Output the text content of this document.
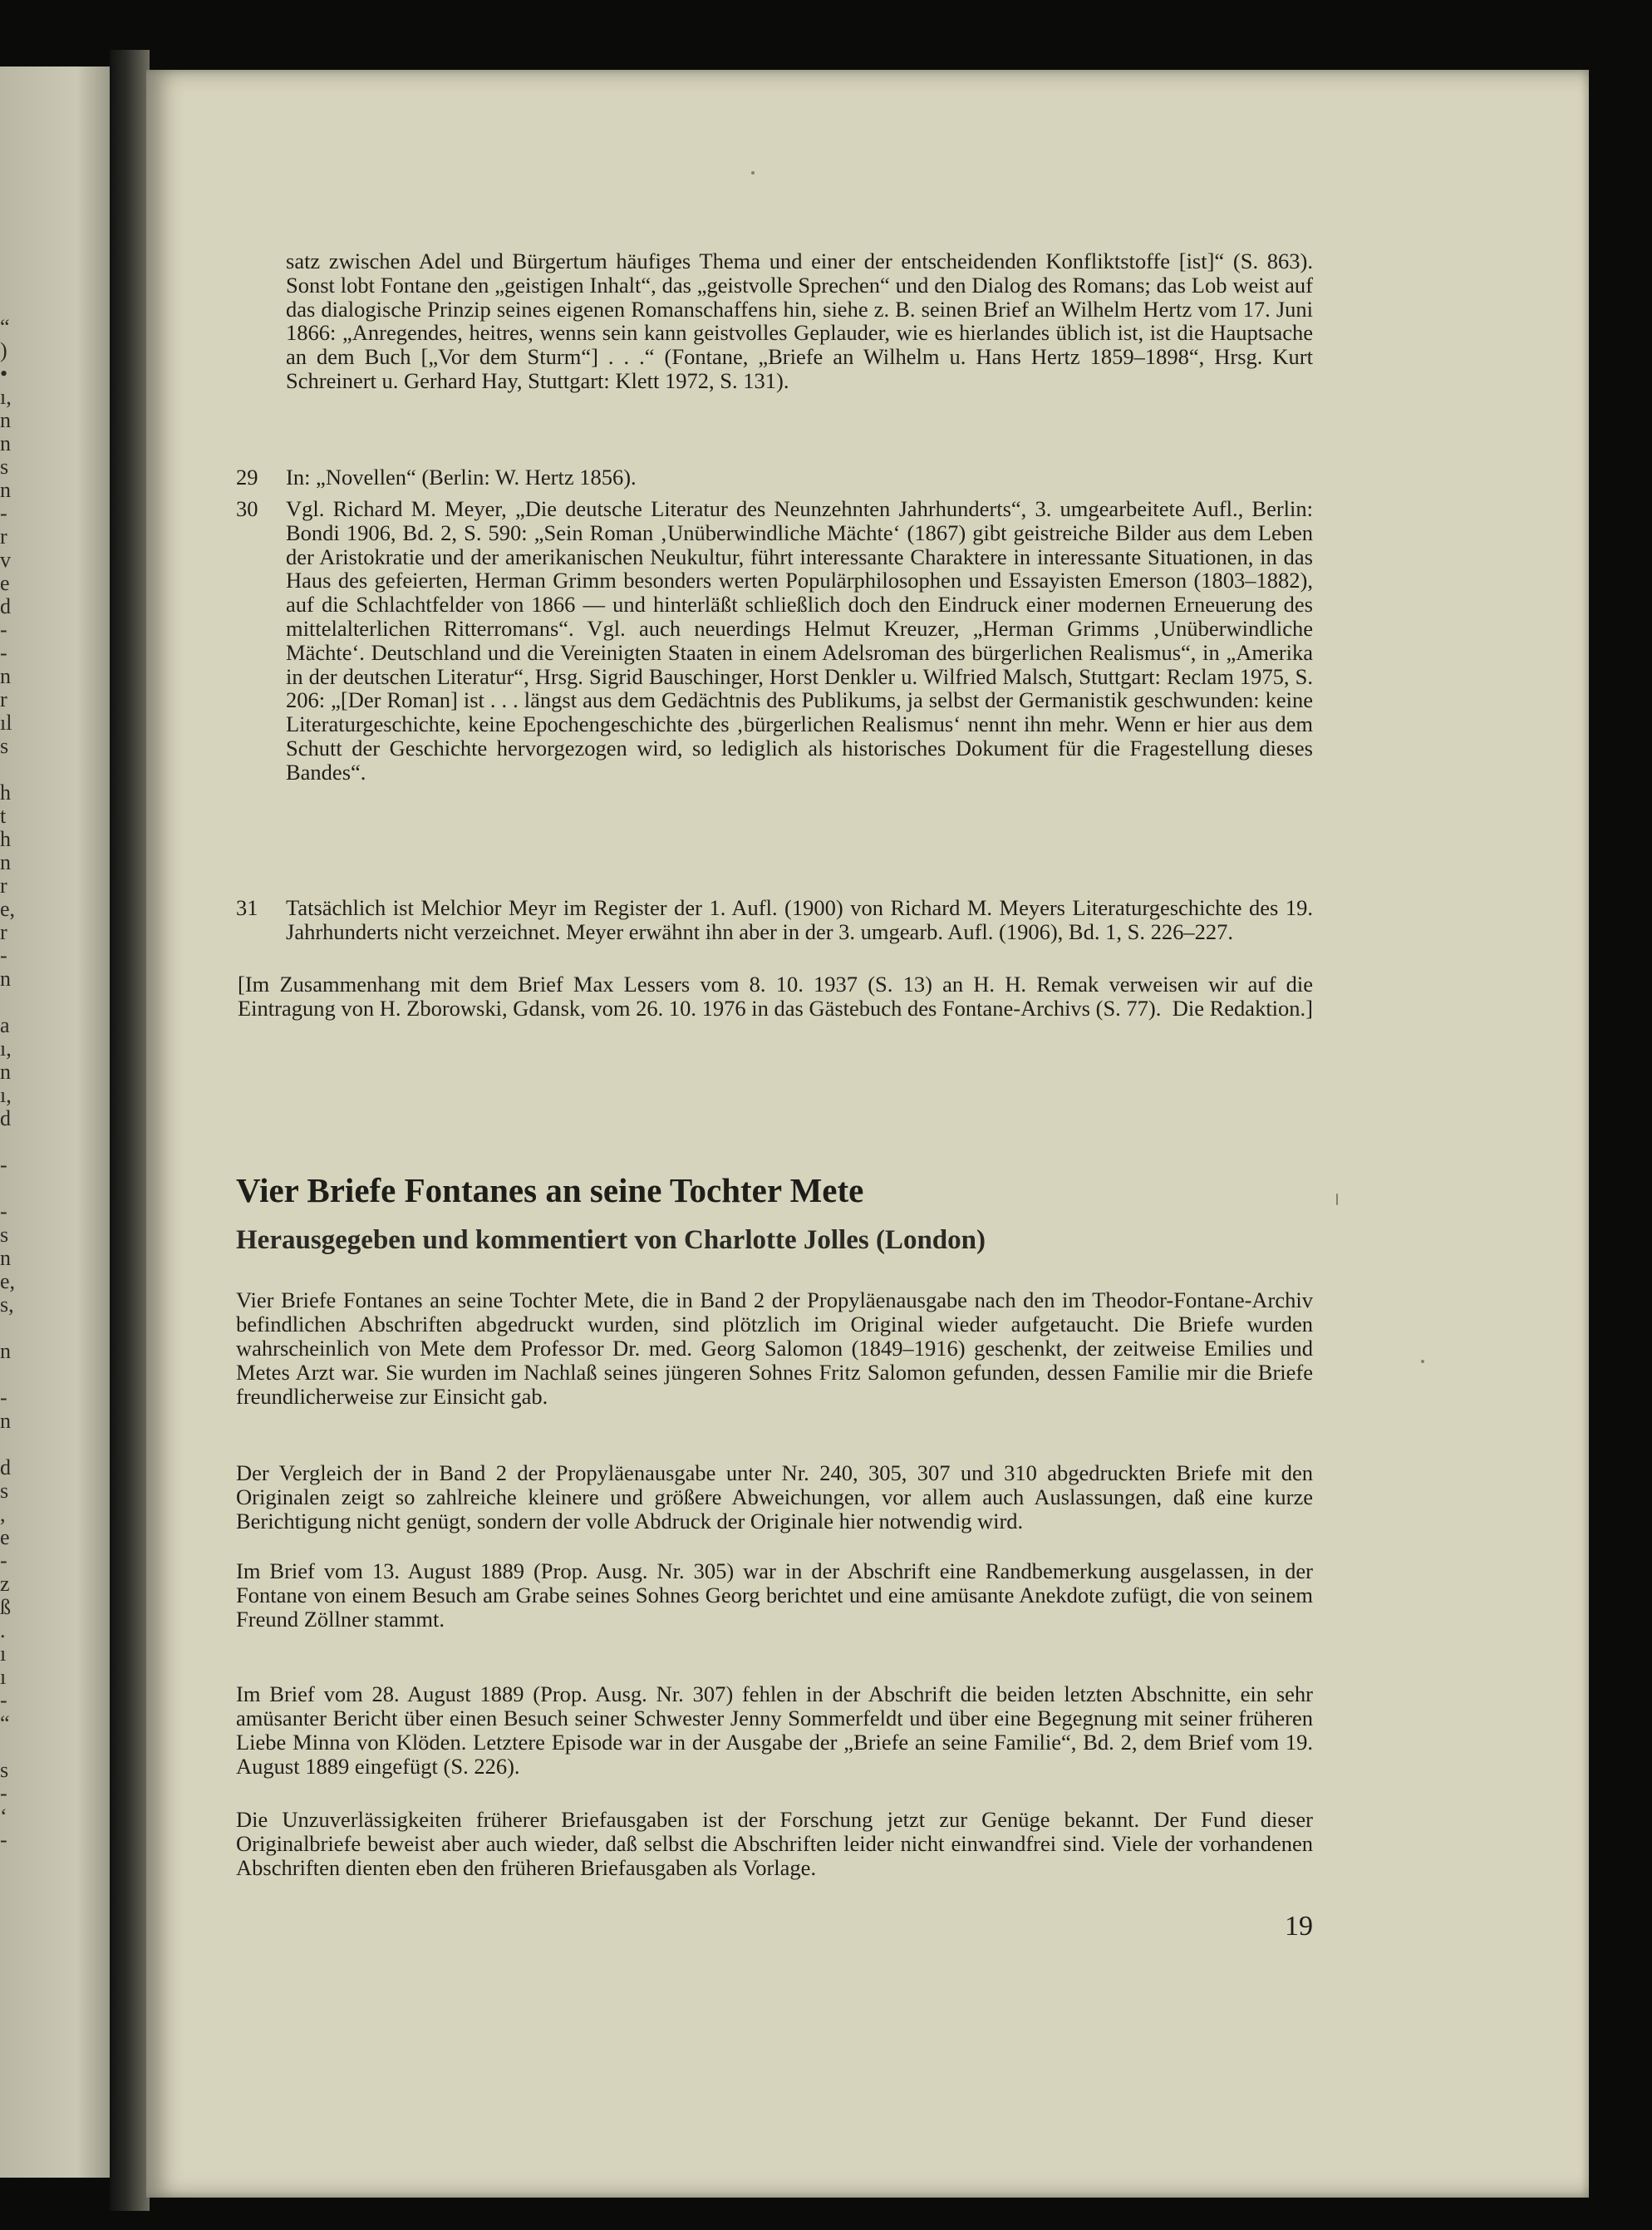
“
)
•
ı,
n
n
s
n
-
r
v
e
d
-
-
n
r
ıl
s

h
t
h
n
r
e,
r
-
n

a
ı,
n
ı,
d

-

-
s
n
e,
s,

n

-
n

d
s
,
e
-
z
ß
.
ı
ı
-
“

s
-
‘
-

satz zwischen Adel und Bürgertum häufiges Thema und einer der entscheidenden Konfliktstoffe [ist]“ (S. 863). Sonst lobt Fontane den „geistigen Inhalt“, das „geistvolle Sprechen“ und den Dialog des Romans; das Lob weist auf das dialogische Prinzip seines eigenen Romanschaffens hin, siehe z. B. seinen Brief an Wilhelm Hertz vom 17. Juni 1866: „Anregendes, heitres, wenns sein kann geistvolles Geplauder, wie es hierlandes üblich ist, ist die Hauptsache an dem Buch [„Vor dem Sturm“] . . .“ (Fontane, „Briefe an Wilhelm u. Hans Hertz 1859–1898“, Hrsg. Kurt Schreinert u. Gerhard Hay, Stuttgart: Klett 1972, S. 131).

29	In: „Novellen“ (Berlin: W. Hertz 1856).
30	Vgl. Richard M. Meyer, „Die deutsche Literatur des Neunzehnten Jahrhunderts“, 3. umgearbeitete Aufl., Berlin: Bondi 1906, Bd. 2, S. 590: „Sein Roman ‚Unüberwindliche Mächte‘ (1867) gibt geistreiche Bilder aus dem Leben der Aristokratie und der amerikanischen Neukultur, führt interessante Charaktere in interessante Situationen, in das Haus des gefeierten, Herman Grimm besonders werten Populärphilosophen und Essayisten Emerson (1803–1882), auf die Schlachtfelder von 1866 — und hinterläßt schließlich doch den Eindruck einer modernen Erneuerung des mittelalterlichen Ritterromans“. Vgl. auch neuerdings Helmut Kreuzer, „Herman Grimms ‚Unüberwindliche Mächte‘. Deutschland und die Vereinigten Staaten in einem Adelsroman des bürgerlichen Realismus“, in „Amerika in der deutschen Literatur“, Hrsg. Sigrid Bauschinger, Horst Denkler u. Wilfried Malsch, Stuttgart: Reclam 1975, S. 206: „[Der Roman] ist . . . längst aus dem Gedächtnis des Publikums, ja selbst der Germanistik geschwunden: keine Literaturgeschichte, keine Epochengeschichte des ‚bürgerlichen Realismus‘ nennt ihn mehr. Wenn er hier aus dem Schutt der Geschichte hervorgezogen wird, so lediglich als historisches Dokument für die Fragestellung dieses Bandes“.
31	Tatsächlich ist Melchior Meyr im Register der 1. Aufl. (1900) von Richard M. Meyers Literaturgeschichte des 19. Jahrhunderts nicht verzeichnet. Meyer erwähnt ihn aber in der 3. umgearb. Aufl. (1906), Bd. 1, S. 226–227.

[Im Zusammenhang mit dem Brief Max Lessers vom 8. 10. 1937 (S. 13) an H. H. Remak verweisen wir auf die Eintragung von H. Zborowski, Gdansk, vom 26. 10. 1976 in das Gästebuch des Fontane-Archivs (S. 77). Die Redaktion.]

Vier Briefe Fontanes an seine Tochter Mete
Herausgegeben und kommentiert von Charlotte Jolles (London)

Vier Briefe Fontanes an seine Tochter Mete, die in Band 2 der Propyläenausgabe nach den im Theodor-Fontane-Archiv befindlichen Abschriften abgedruckt wurden, sind plötzlich im Original wieder aufgetaucht. Die Briefe wurden wahrscheinlich von Mete dem Professor Dr. med. Georg Salomon (1849–1916) geschenkt, der zeitweise Emilies und Metes Arzt war. Sie wurden im Nachlaß seines jüngeren Sohnes Fritz Salomon gefunden, dessen Familie mir die Briefe freundlicherweise zur Einsicht gab.

Der Vergleich der in Band 2 der Propyläenausgabe unter Nr. 240, 305, 307 und 310 abgedruckten Briefe mit den Originalen zeigt so zahlreiche kleinere und größere Abweichungen, vor allem auch Auslassungen, daß eine kurze Berichtigung nicht genügt, sondern der volle Abdruck der Originale hier notwendig wird.

Im Brief vom 13. August 1889 (Prop. Ausg. Nr. 305) war in der Abschrift eine Randbemerkung ausgelassen, in der Fontane von einem Besuch am Grabe seines Sohnes Georg berichtet und eine amüsante Anekdote zufügt, die von seinem Freund Zöllner stammt.

Im Brief vom 28. August 1889 (Prop. Ausg. Nr. 307) fehlen in der Abschrift die beiden letzten Abschnitte, ein sehr amüsanter Bericht über einen Besuch seiner Schwester Jenny Sommerfeldt und über eine Begegnung mit seiner früheren Liebe Minna von Klöden. Letztere Episode war in der Ausgabe der „Briefe an seine Familie“, Bd. 2, dem Brief vom 19. August 1889 eingefügt (S. 226).

Die Unzuverlässigkeiten früherer Briefausgaben ist der Forschung jetzt zur Genüge bekannt. Der Fund dieser Originalbriefe beweist aber auch wieder, daß selbst die Abschriften leider nicht einwandfrei sind. Viele der vorhandenen Abschriften dienten eben den früheren Briefausgaben als Vorlage.

19
